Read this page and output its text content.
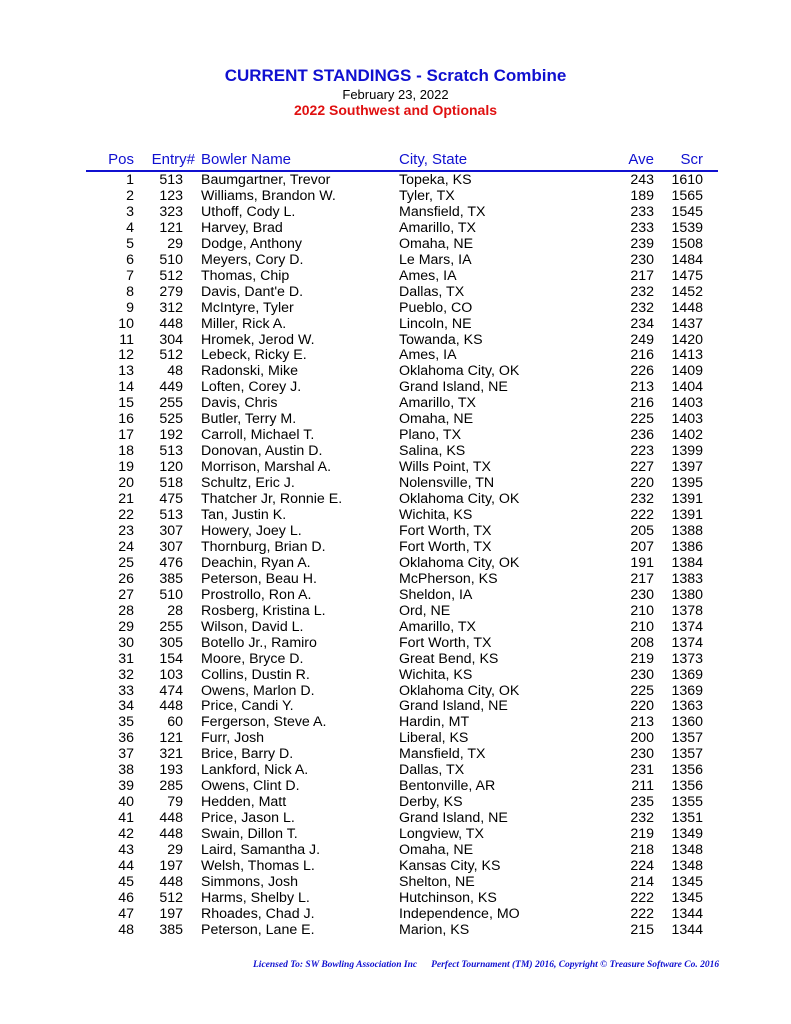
CURRENT STANDINGS - Scratch Combine
February 23, 2022
2022 Southwest and Optionals
Pos Entry# Bowler Name	City, State	Ave Scr
1 513 Baumgartner, Trevor	Topeka, KS	243 1610
2 123 Williams, Brandon W.	Tyler, TX	189 1565
3 323 Uthoff, Cody L.	Mansfield, TX	233 1545
4 121 Harvey, Brad	Amarillo, TX	233 1539
5 29 Dodge, Anthony	Omaha, NE	239 1508
6 510 Meyers, Cory D.	Le Mars, IA	230 1484
7 512 Thomas, Chip	Ames, IA	217 1475
8 279 Davis, Dant'e D.	Dallas, TX	232 1452
9 312 McIntyre, Tyler	Pueblo, CO	232 1448
10 448 Miller, Rick A.	Lincoln, NE	234 1437
11 304 Hromek, Jerod W.	Towanda, KS	249 1420
12 512 Lebeck, Ricky E.	Ames, IA	216 1413
13 48 Radonski, Mike	Oklahoma City, OK	226 1409
14 449 Loften, Corey J.	Grand Island, NE	213 1404
15 255 Davis, Chris	Amarillo, TX	216 1403
16 525 Butler, Terry M.	Omaha, NE	225 1403
17 192 Carroll, Michael T.	Plano, TX	236 1402
18 513 Donovan, Austin D.	Salina, KS	223 1399
19 120 Morrison, Marshal A.	Wills Point, TX	227 1397
20 518 Schultz, Eric J.	Nolensville, TN	220 1395
21 475 Thatcher Jr, Ronnie E.	Oklahoma City, OK	232 1391
22 513 Tan, Justin K.	Wichita, KS	222 1391
23 307 Howery, Joey L.	Fort Worth, TX	205 1388
24 307 Thornburg, Brian D.	Fort Worth, TX	207 1386
25 476 Deachin, Ryan A.	Oklahoma City, OK	191 1384
26 385 Peterson, Beau H.	McPherson, KS	217 1383
27 510 Prostrollo, Ron A.	Sheldon, IA	230 1380
28 28 Rosberg, Kristina L.	Ord, NE	210 1378
29 255 Wilson, David L.	Amarillo, TX	210 1374
30 305 Botello Jr., Ramiro	Fort Worth, TX	208 1374
31 154 Moore, Bryce D.	Great Bend, KS	219 1373
32 103 Collins, Dustin R.	Wichita, KS	230 1369
33 474 Owens, Marlon D.	Oklahoma City, OK	225 1369
34 448 Price, Candi Y.	Grand Island, NE	220 1363
35 60 Fergerson, Steve A.	Hardin, MT	213 1360
36 121 Furr, Josh	Liberal, KS	200 1357
37 321 Brice, Barry D.	Mansfield, TX	230 1357
38 193 Lankford, Nick A.	Dallas, TX	231 1356
39 285 Owens, Clint D.	Bentonville, AR	211 1356
40 79 Hedden, Matt	Derby, KS	235 1355
41 448 Price, Jason L.	Grand Island, NE	232 1351
42 448 Swain, Dillon T.	Longview, TX	219 1349
43 29 Laird, Samantha J.	Omaha, NE	218 1348
44 197 Welsh, Thomas L.	Kansas City, KS	224 1348
45 448 Simmons, Josh	Shelton, NE	214 1345
46 512 Harms, Shelby L.	Hutchinson, KS	222 1345
47 197 Rhoades, Chad J.	Independence, MO	222 1344
48 385 Peterson, Lane E.	Marion, KS	215 1344
Licensed To: SW Bowling Association Inc Perfect Tournament (TM) 2016, Copyright © Treasure Software Co. 2016
